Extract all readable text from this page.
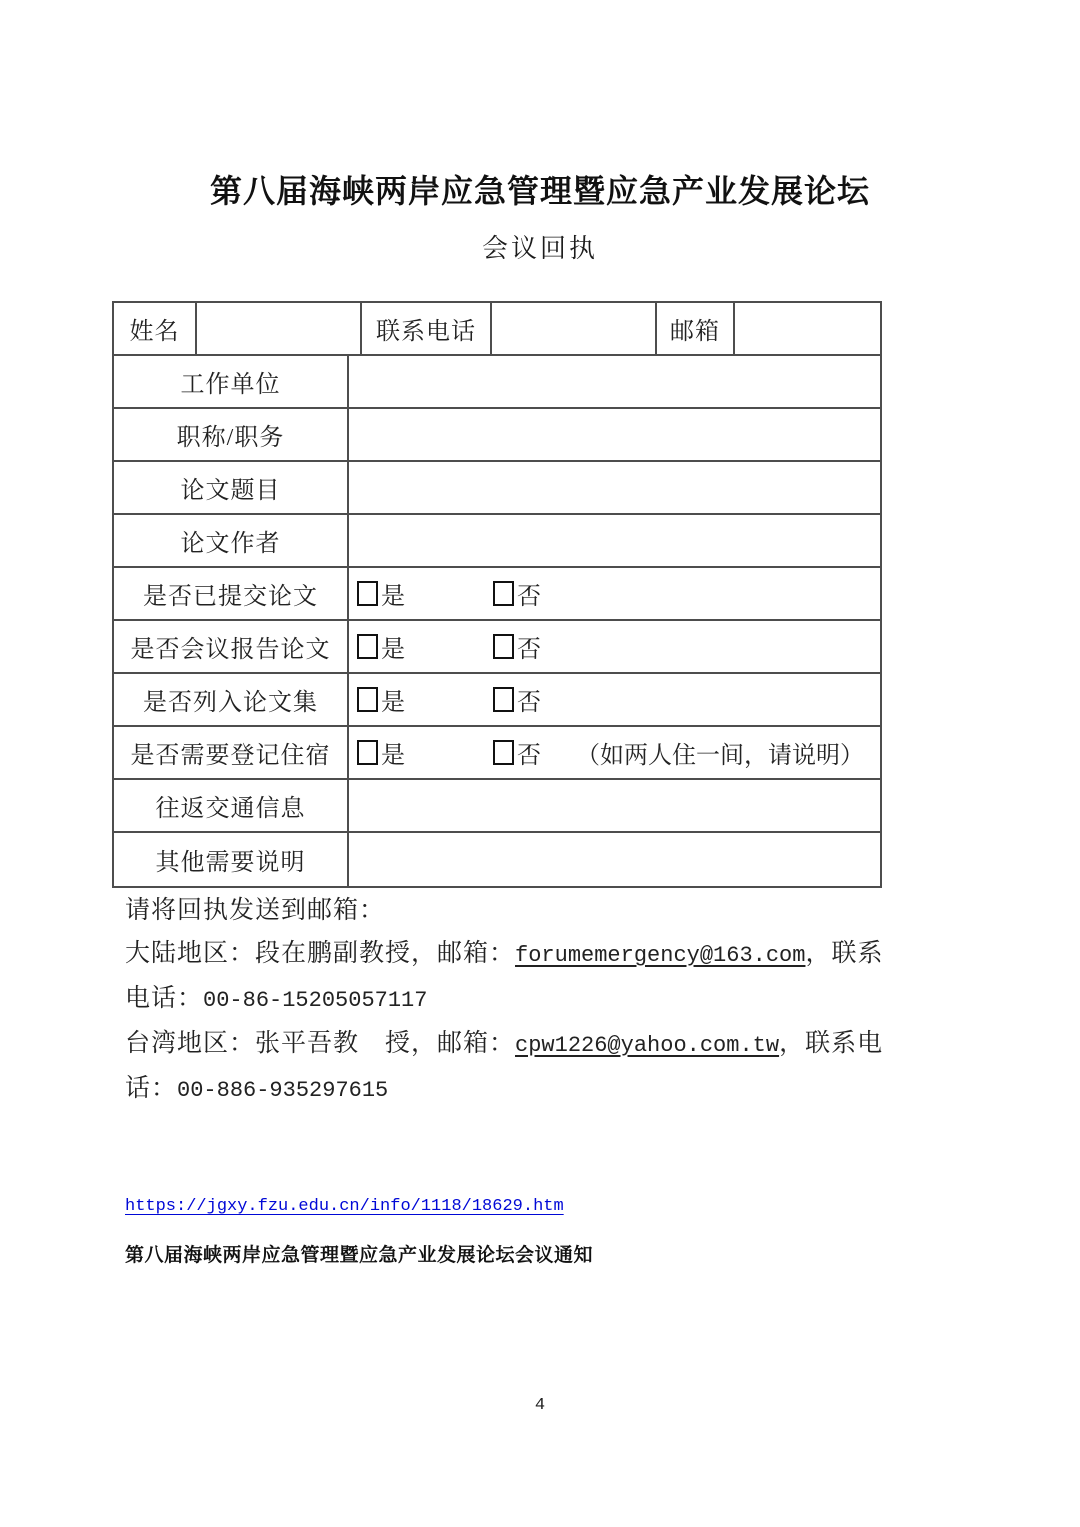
第八届海峡两岸应急管理暨应急产业发展论坛
会议回执
姓名	联系电话	邮箱
工作单位
职称/职务
论文题目
论文作者
是否已提交论文	是	否
是否会议报告论文	是	否
是否列入论文集	是	否
是否需要登记住宿	是	否 （如两人住一间，请说明）
往返交通信息
其他需要说明
请将回执发送到邮箱：
大陆地区：段在鹏副教授，邮箱：forumemergency@163.com，联系
电话：00-86-15205057117
台湾地区：张平吾教　授，邮箱：cpw1226@yahoo.com.tw，联系电
话：00-886-935297615
https://jgxy.fzu.edu.cn/info/1118/18629.htm
第八届海峡两岸应急管理暨应急产业发展论坛会议通知
4
